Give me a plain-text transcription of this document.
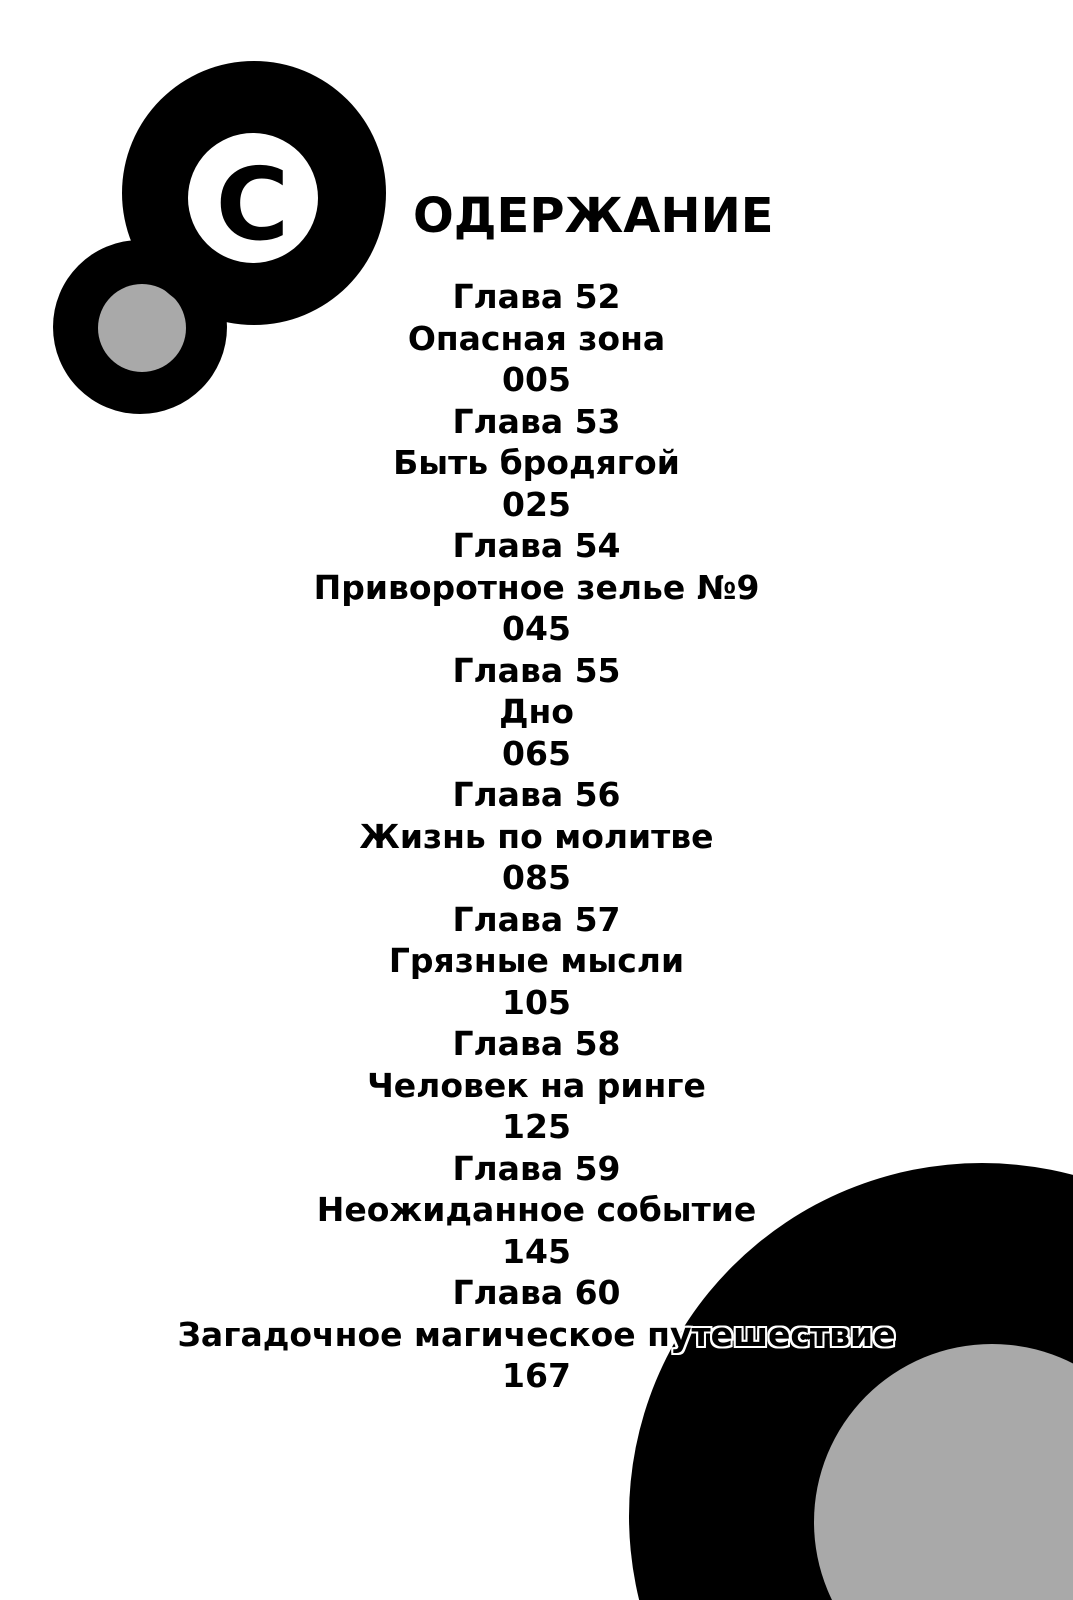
С	ОДЕРЖАНИЕ
Глава 52
Опасная зона
005
Глава 53
Быть бродягой
025
Глава 54
Приворотное зелье №9
045
Глава 55
Дно
065
Глава 56
Жизнь по молитве
085
Глава 57
Грязные мысли
105
Глава 58
Человек на ринге
125
Глава 59
Неожиданное событие
145
Глава 60
Загадочное магическое путешествие
167
